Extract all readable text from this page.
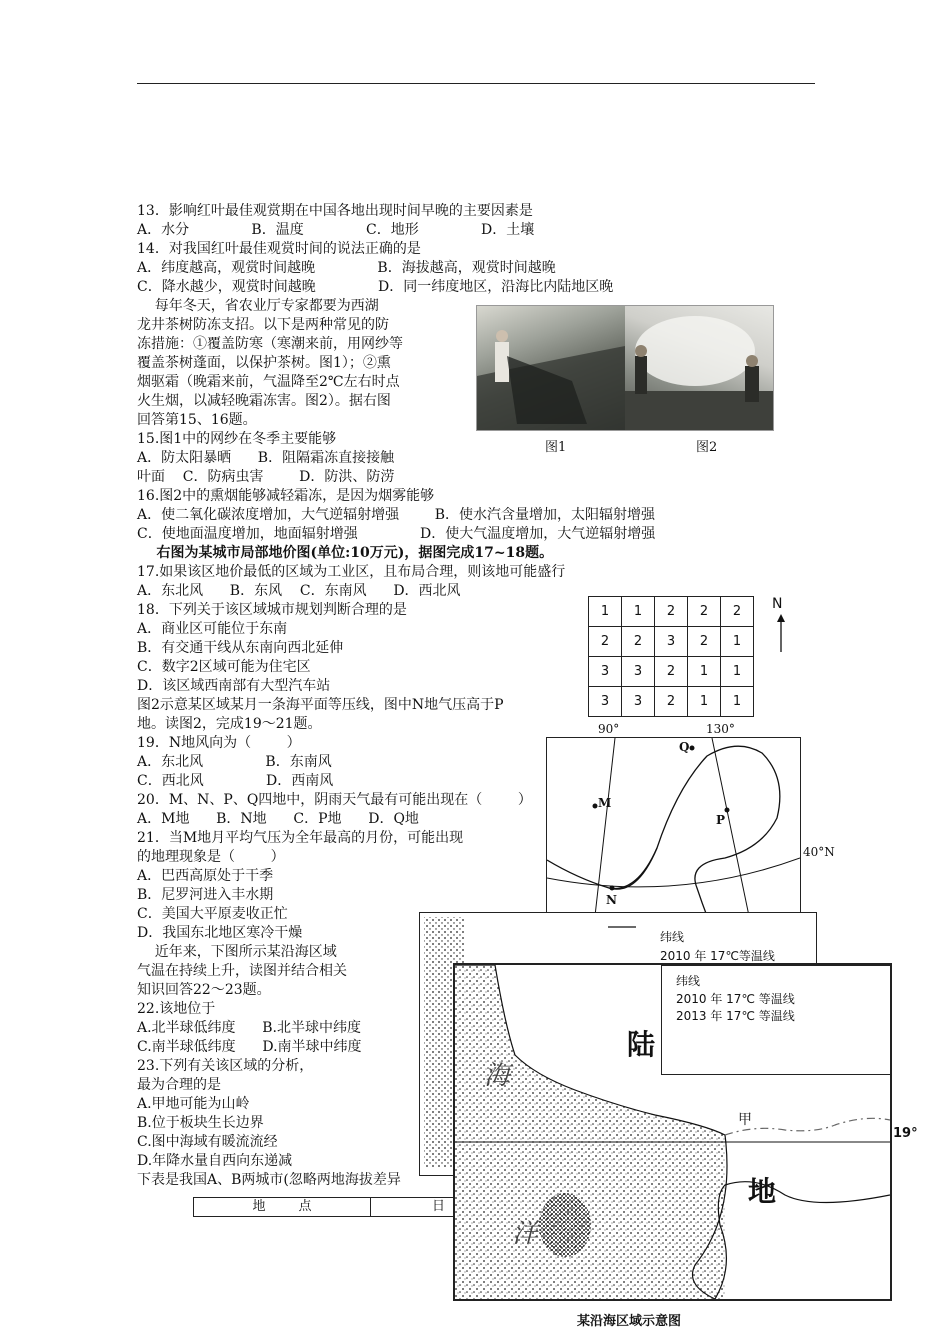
13．影响红叶最佳观赏期在中国各地出现时间早晚的主要因素是
A．水分              B．温度              C．地形              D．土壤
14．对我国红叶最佳观赏时间的说法正确的是
A．纬度越高，观赏时间越晚              B．海拔越高，观赏时间越晚
C．降水越少，观赏时间越晚              D．同一纬度地区，沿海比内陆地区晚
每年冬天，省农业厅专家都要为西湖
龙井茶树防冻支招。以下是两种常见的防
冻措施：①覆盖防寒（寒潮来前，用网纱等
覆盖茶树蓬面，以保护茶树。图1）；②熏
烟驱霜（晚霜来前，气温降至2℃左右时点
火生烟，以减轻晚霜冻害。图2）。据右图
回答第15、16题。
15.图1中的网纱在冬季主要能够
A．防太阳暴晒      B．阻隔霜冻直接接触
叶面    C．防病虫害        D．防洪、防涝
16.图2中的熏烟能够减轻霜冻，是因为烟雾能够
A．使二氧化碳浓度增加，大气逆辐射增强        B．使水汽含量增加，太阳辐射增强
C．使地面温度增加，地面辐射增强              D．使大气温度增加，大气逆辐射增强
右图为某城市局部地价图(单位:10万元)，据图完成17~18题。
17.如果该区地价最低的区域为工业区，且布局合理，则该地可能盛行
A．东北风      B．东风    C．东南风      D．西北风
18．下列关于该区域城市规划判断合理的是
A．商业区可能位于东南
B．有交通干线从东南向西北延伸
C．数字2区域可能为住宅区
D．该区域西南部有大型汽车站
图2示意某区域某月一条海平面等压线，图中N地气压高于P
地。读图2，完成19～21题。
19．N地风向为（        ）
A．东北风              B．东南风
C．西北风              D．西南风
20．M、N、P、Q四地中，阴雨天气最有可能出现在（        ）
A．M地      B．N地      C．P地      D．Q地
21．当M地月平均气压为全年最高的月份，可能出现
的地理现象是（        ）
A．巴西高原处于干季
B．尼罗河进入丰水期
C．美国大平原麦收正忙
D．我国东北地区寒冷干燥
近年来，下图所示某沿海区域
气温在持续上升，读图并结合相关
知识回答22～23题。
22.该地位于
A.北半球低纬度      B.北半球中纬度
C.南半球低纬度      D.南半球中纬度
23.下列有关该区域的分析，
最为合理的是
A.甲地可能为山岭
B.位于板块生长边界
C.图中海域有暖流流经
D.年降水量自西向东递减
下表是我国A、B两城市(忽略两地海拔差异
图1	图2
1	1	2	2	2
2	2	3	2	1
3	3	2	1	1
3	3	2	1	1
N
90°	130°
40°N
M
N
P
Q
纬线
2010 年 17℃等温线
纬线
2010 年 17℃ 等温线
2013 年 17℃ 等温线
陆
地
海
洋
甲
19°
某沿海区域示意图
地        点	日
